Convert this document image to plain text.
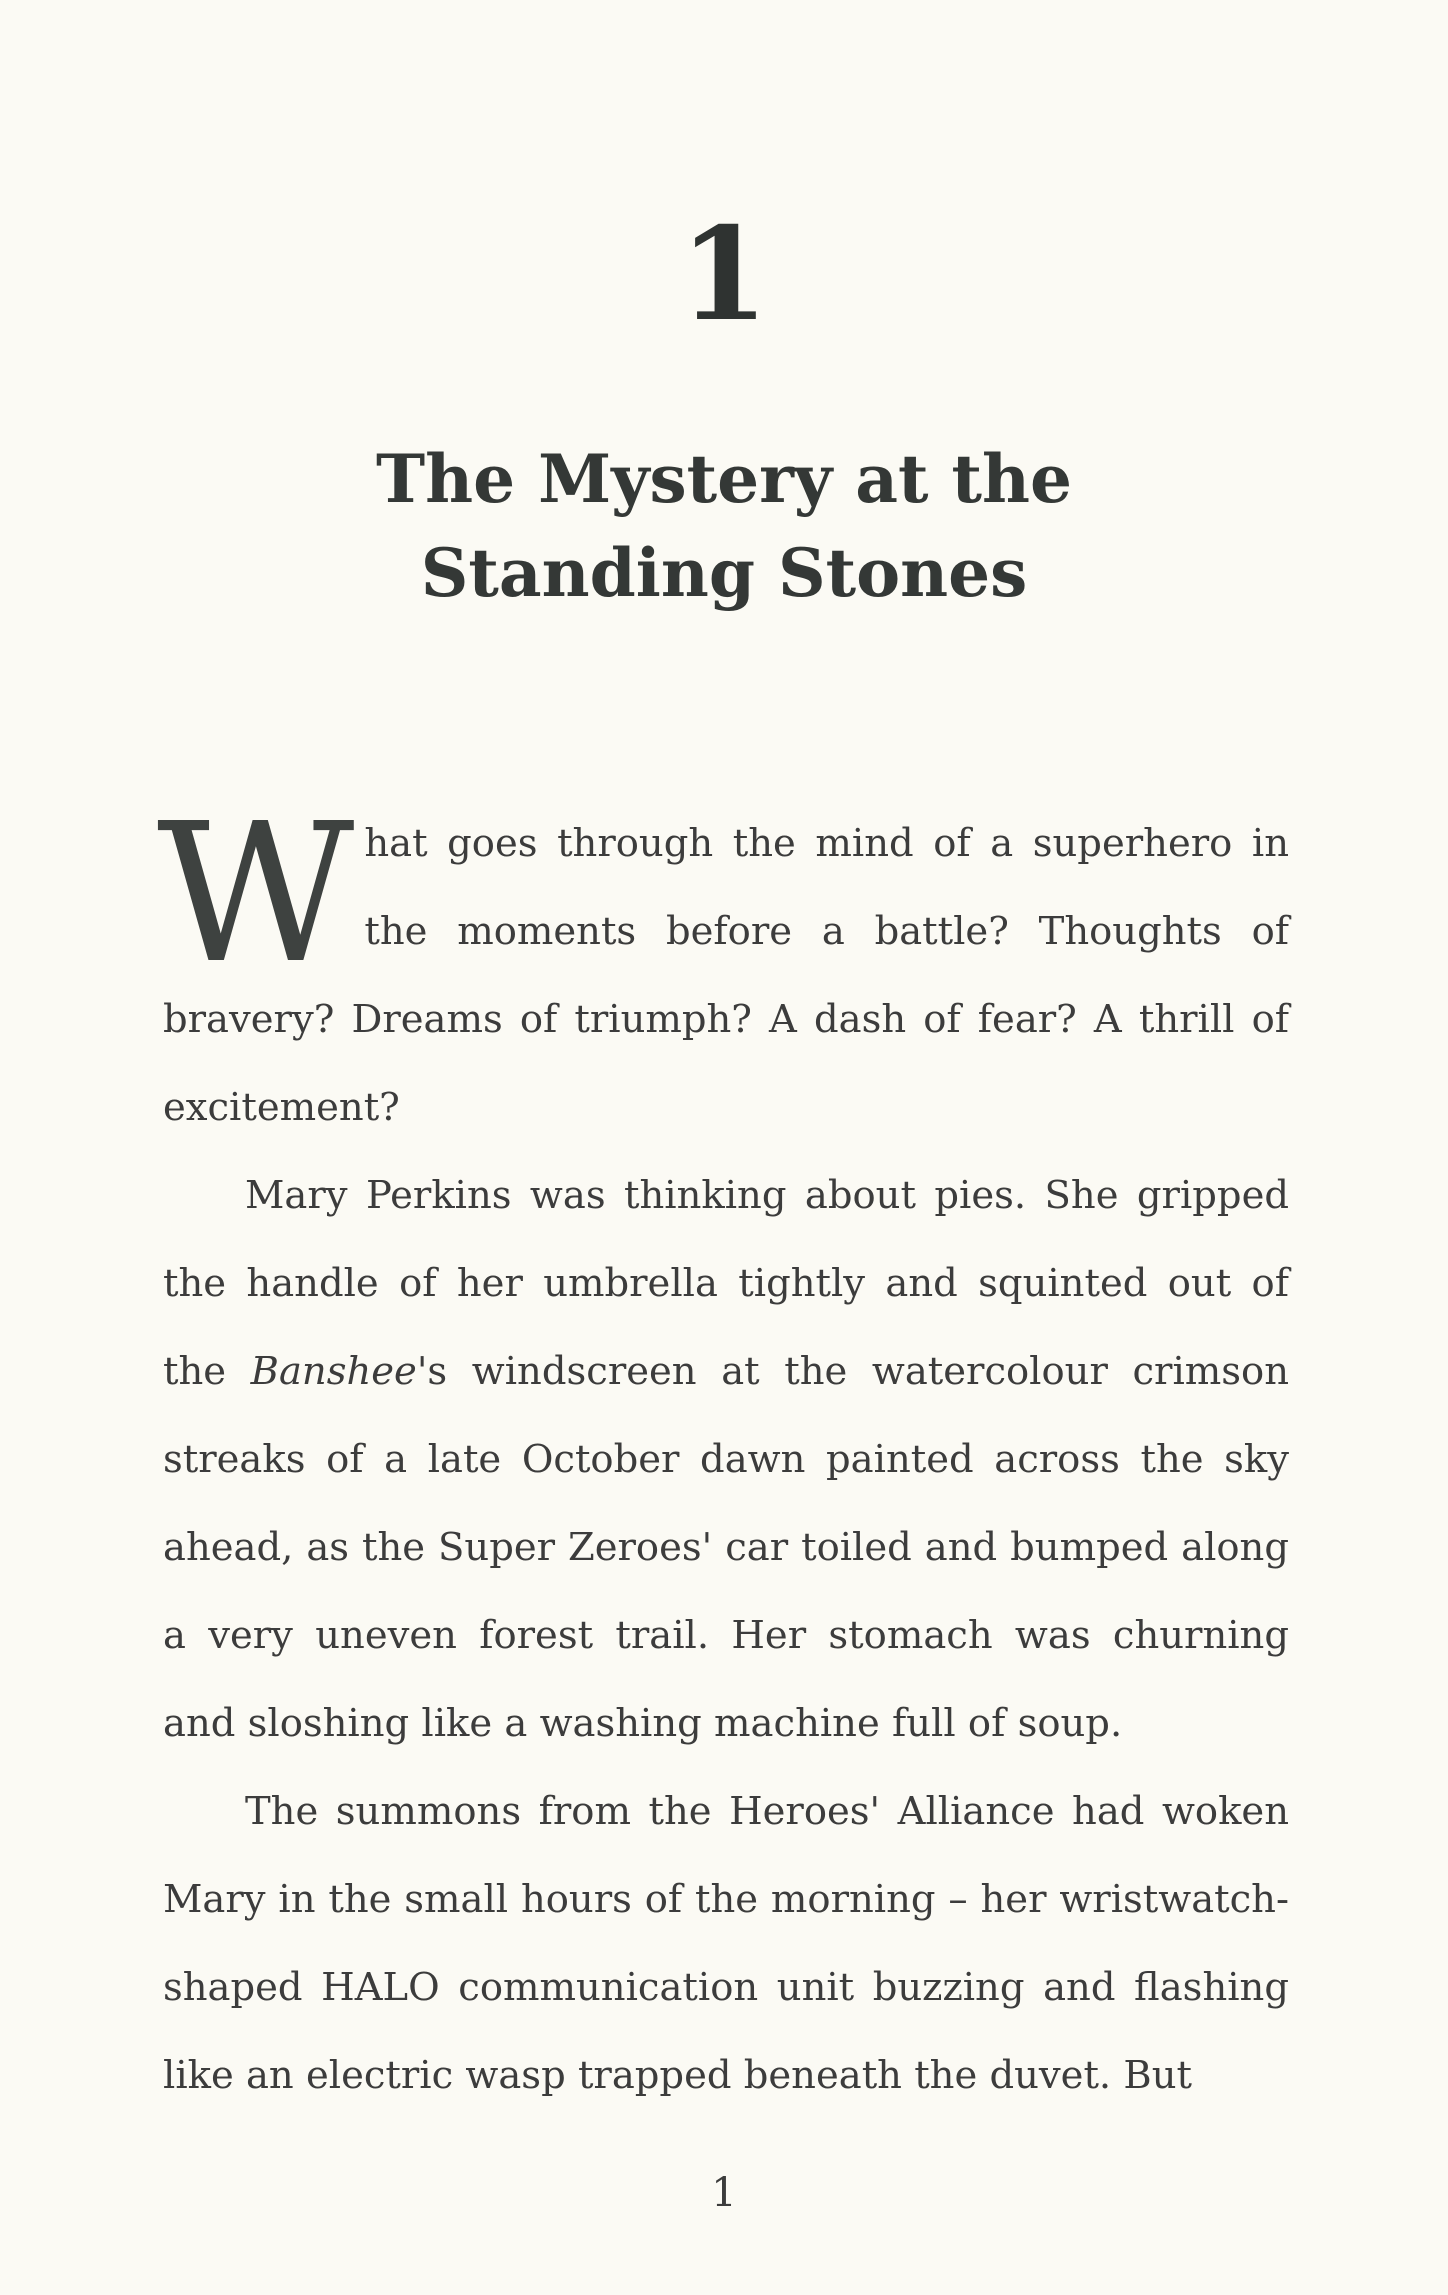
1
The Mystery at the
Standing Stones

What goes through the mind of a superhero in the moments before a battle? Thoughts of bravery? Dreams of triumph? A dash of fear? A thrill of excitement?

Mary Perkins was thinking about pies. She gripped the handle of her umbrella tightly and squinted out of the Banshee's windscreen at the watercolour crimson streaks of a late October dawn painted across the sky ahead, as the Super Zeroes' car toiled and bumped along a very uneven forest trail. Her stomach was churning and sloshing like a washing machine full of soup.

The summons from the Heroes' Alliance had woken Mary in the small hours of the morning – her wristwatch-shaped HALO communication unit buzzing and flashing like an electric wasp trapped beneath the duvet. But

1
